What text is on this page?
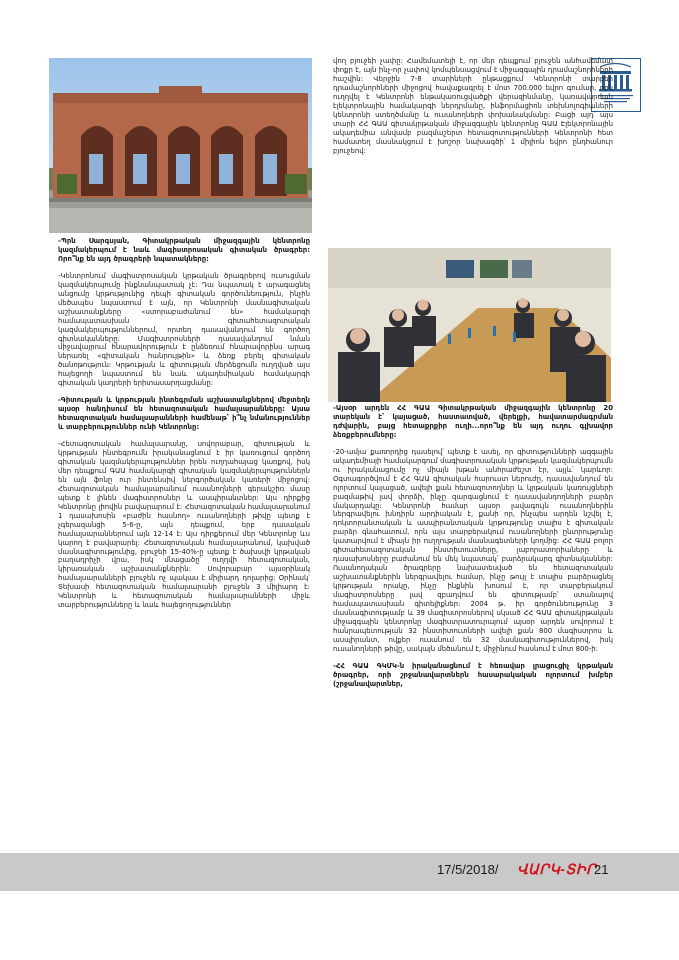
-Պրն Սարգսյան, Գիտակրթական միջազգային կենտրոնը կազմակերպում է նաև մագիստրոսական գիտական ծրագրեր: Որո՞նք են այդ ծրագրերի նպատակները:

-Կենտրոնում մագիստրոսական կրթական ծրագրերով ուսուցման կազմակերպումը ինքնանպատակ չէ: Դա նպատակ է արագացնել անցումը կրթությունից դեպի գիտական գործունեություն, ինչին մեծապես նպաստում է այն, որ Կենտրոնի մասնագիտական աշխատանքները «ստորաբաժանում են» համակարգի համապատասխան գիտահետազոտական կազմակերպություններում, որտեղ դասավանդում են գործող գիտնականները: Մագիստրոսների դասավանդում նման միջավայրում հնարավորություն է ընձեռում հնարավորինս արագ ներառել «գիտական հանրույթին» և ձեռք բերել գիտական ծանոթություն: Կրթության և գիտության մերձեցումն ուղղված այս հայեցողի նպաստում են նաև ակադեմիական համակարգի գիտական կադրերի երիտասարդացմանը:

-Գիտության և կրթության ինտեգրման աշխատանքներով մեջտեղն այսօր հանդիսում են հետազոտական համալսարանները: Այսա հետազոտական համալսարանների համենաթ՝ ի՞նչ նմանություններ և տարբերություններ ունի Կենտրոնը:

-Հետազոտական համալսարանը, սովորաբար, գիտության և կրթության ինտեգրումն իրականացնում է իր կառուցում գործող գիտական կազմակերպություններ իրեն ուղղահայաց կառքով, իսկ մեր դեպքում ԳԱԱ համակարգի գիտական կազմակերպություններն են այն ֆոնը ուր ինտենսիվ ներգործական կառերի միջոցով: Հետազոտական համալսարանում ուսանողների գերակշիռ մասը պետք է լինեն մագիստրոսներ և ասպիրանտներ: Այս դիրքից Կենտրոնը լիովին բավարարում է: Հետազոտական համալսարանում 1 դասախոսին «բաժին հասնող» ուսանողների թիվը պետք է չգերազանցի 5-6-ը, այն դեպքում, երբ դասական համալսարաններում այն 12-14 է: Այս դիրքերում մեր Կենտրոնը ևս կարող է բավարարել: Հետազոտական համալսարանում, կախված մասնագիտությունից, բյուջեի 15-40%-ը պետք է ծախսվի կրթական բաղադրիչի վրա, իսկ մնացածը՝ ուղղվի հետազոտական, կիրառական աշխատանքներին: Սովորաբար այսօրինակ համալսարանների բյուջեն ոչ պակաս է միլիարդ դոլարից: Օրինակ՝ Տեխասի հետազոտական համալսարանի բյուջեն 3 միլիարդ է: Կենտրոնի և հետազոտական համալսարանների միջև տարբերությունները և նաև հայեցողություններ

վող բյուջեի չափը: Համեմատելի է, որ մեր դեպքում բյուջեն անհամեմատ փոքր է, այն ինչ-որ չափով կոմպենսացվում է միջազգային դրամաշնորհների հաշվին: Վերջին 7-8 տարիների ընթացքում Կենտրոնի տարբեր դրամաշնորհների միջոցով հավաքագրել է մոտ 700.000 եվրո գումար, որն ուղղվել է Կենտրոնի ենթակառուցվածքի վերազինմանը, կառավարման էլեկտրոնային համակարգի ներդրմանը, ինֆորմացիոն տեխնոլոգիաների կենտրոնի ստեղծմանը և ուսանողների փոխանակմանը: Բացի այդ՝ այս տարի ՀՀ ԳԱԱ գիտակրթական միջազգային կենտրոնը ԳԱԱ Էլեկտրոնային ակադեմիա անվամբ բազմաշերտ հետազոտությունների Կենտրոնի հետ համատեղ մասնակցում է խոշոր նախագծի՝ 1 միլիոն եվրո ընդհանուր բյուջեով:

-Այսօր արդեն ՀՀ ԳԱԱ Գիտակրթական միջազգային կենտրոնը 20 տարեկան է՝ կայացած, հաստատված, վերելքի, հավատարմագրման դժվարին, բայց հետաքրքիր ուղի...որո՞նք են այդ ուղու գլխավոր ձեռքբերումները:

-20-ամյա քառորդից դասելով՝ պետք է ասել, որ գիտությունների ազգային ակադեմիայի համակարգում մագիստրոսական կրթության կազմակերպումն ու իրականացումը ոչ միայն խթան անհրաժեշտ էր, այլև՝ կարևոր: Օգտագործվում է ՀՀ ԳԱԱ գիտական հարուստ ներուժը, դասավանդում են ոլորտում կայացած, ավելի քան հետազոտողներ և կրթական կառույցների բազմաթիվ լավ փորձի, ինչը զարգացնում է դասավանդողների բարձր մակարդակը: Կենտրոնի համար այսօր լավագույն ուսանողներին ներգրավելու խնդիրն արդիական է, քանի որ, ինչպես արդեն նշվել է, դոկտորանտական և ասպիրանտական կրթությունը տալիս է գիտական բարձր գնահատում, որն այս տարբերակում ուսանողների ընտրությունը կատարվում է միայն իր ուղղության մասնագետների կողմից: ՀՀ ԳԱԱ բոլոր գիտահետազոտական ինստիտուտները, լաբորատորիաները և դասախոսները բաժանում են մեկ նպատակ՝ բարձրակարգ գիտնականներ: Ուսանողական ծրագրերը նախատեսված են հետազոտական աշխատանքներին ներգրավելու համար, ինչը թույլ է տալիս բարձրացնել կրթության որակը, ինչը ինքնին խոսում է, որ տարբերակում մագիստրոսները լավ զբաղվում են գիտությամբ՝ ստանալով համապատասխան գիտելիքներ: 2004 թ. իր գործունեությունը 3 մասնագիտությամբ և 39 մագիստրոսներով սկսած ՀՀ ԳԱԱ գիտակրթական միջազգային կենտրոնը մագիստրատուրայում այսօր արդեն սովորում է հանրապետության 32 ինստիտուտների ավելի քան 800 մագիստրոս և ասպիրանտ, ովքեր ուսանում են 32 մասնագիտություններով, իսկ ուսանողների թիվը, սակայն մեծանում է, միջինում հասնում է մոտ 800-ի:

-ՀՀ ԳԱԱ ԳԿՄԿ-ն իրականացնում է հեռավար լրացուցիչ կրթական ծրագրեր, որի շրջանավարտներն հասարակական ոլորտում խմբեր (շրջանավարտներ,

17/5/2018/ ՎԱՐԿ-ՏԻՐ
21
